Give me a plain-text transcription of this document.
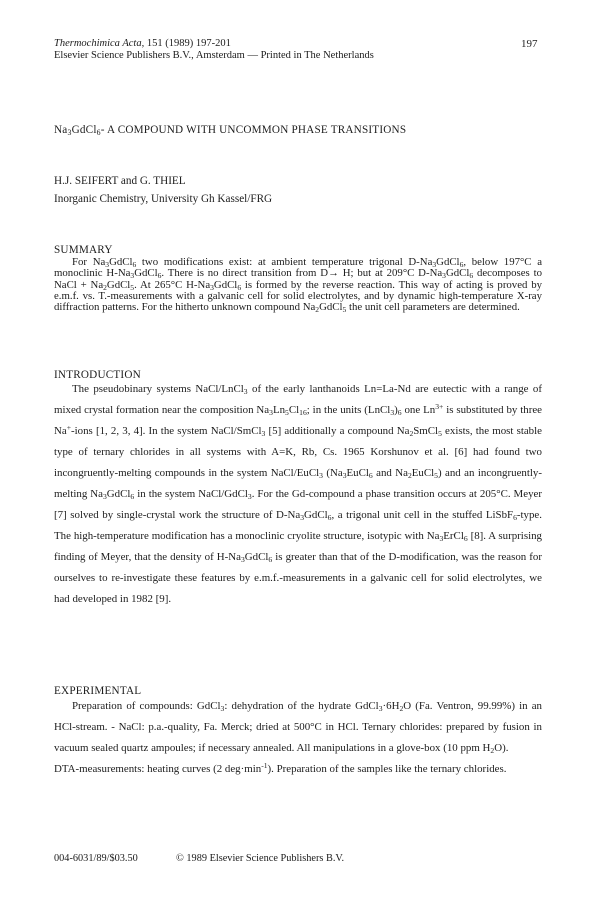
Thermochimica Acta, 151 (1989) 197-201	197
Elsevier Science Publishers B.V., Amsterdam — Printed in The Netherlands
$Na_3GdCl_6-$ A COMPOUND WITH UNCOMMON PHASE TRANSITIONS
H.J. SEIFERT and G. THIEL
Inorganic Chemistry, University Gh Kassel/FRG
SUMMARY

For $Na_3GdCl_6$ two modifications exist: at ambient temperature trigonal $D-Na_3GdCl_6$, below 197°C a monoclinic $H-Na_3GdCl_6$. There is no direct transition from D→ H; but at 209°C $D-Na_3GdCl_6$ decomposes to NaCl + $Na_2GdCl_5$. At 265°C $H-Na_3GdCl_6$ is formed by the reverse reaction. This way of acting is proved by e.m.f. vs. T.-measurements with a galvanic cell for solid electrolytes, and by dynamic high-temperature X-ray diffraction patterns. For the hitherto unknown compound $Na_2GdCl_5$ the unit cell parameters are determined.

INTRODUCTION

The pseudobinary systems NaCl/LnCl$_3$ of the early lanthanoids Ln=La-Nd are eutectic with a range of mixed crystal formation near the composition $Na_3Ln_5Cl_{16}$; in the units $(LnCl_3)_6$ one $Ln^{3+}$ is substituted by three Na+-ions [1, 2, 3, 4]. In the system NaCl/SmCl$_3$ [5] additionally a compound $Na_2SmCl_5$ exists, the most stable type of ternary chlorides in all systems with A=K, Rb, Cs. 1965 Korshunov et al. [6] had found two incongruently-melting compounds in the system NaCl/EuCl$_3$ ($Na_3EuCl_6$ and $Na_2EuCl_5$) and an incongruently-melting $Na_3GdCl_6$ in the system NaCl/GdCl$_3$. For the Gd-compound a phase transition occurs at 205°C. Meyer [7] solved by single-crystal work the structure of $D-Na_3GdCl_6$, a trigonal unit cell in the stuffed LiSbF$_6$-type. The high-temperature modification has a monoclinic cryolite structure, isotypic with $Na_3ErCl_6$ [8]. A surprising finding of Meyer, that the density of $H-Na_3GdCl_6$ is greater than that of the D-modification, was the reason for ourselves to re-investigate these features by e.m.f.-measurements in a galvanic cell for solid electrolytes, we had developed in 1982 [9].

EXPERIMENTAL

Preparation of compounds: GdCl$_3$: dehydration of the hydrate $GdCl_3\cdot 6H_2O$ (Fa. Ventron, 99.99%) in an HCl-stream. - NaCl: p.a.-quality, Fa. Merck; dried at 500°C in HCl. Ternary chlorides: prepared by fusion in vacuum sealed quartz ampoules; if necessary annealed. All manipulations in a glove-box (10 ppm $H_2O$).

DTA-measurements: heating curves (2 $deg\cdot\min^{-1}$). Preparation of the samples like the ternary chlorides.

004-6031/89/$03.50	© 1989 Elsevier Science Publishers B.V.
